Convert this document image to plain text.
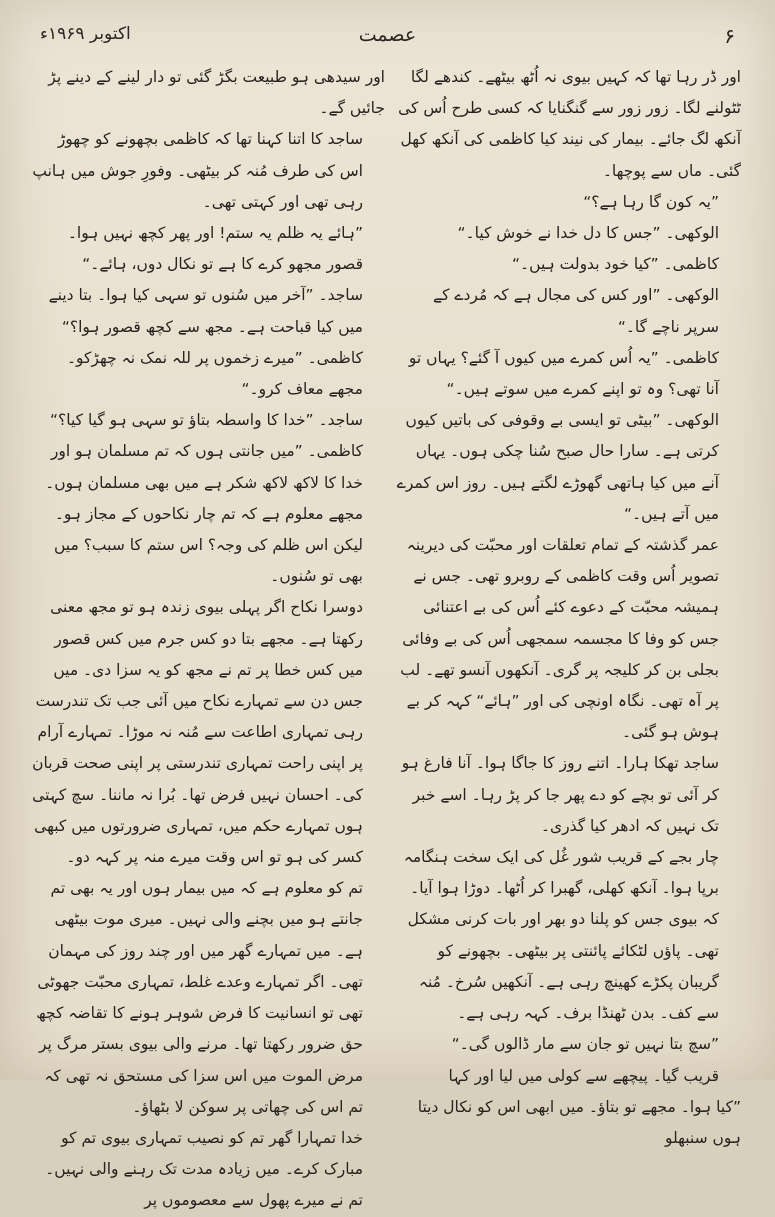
۶
عصمت
اکتوبر ۱۹۶۹ء

اور ڈر رہا تھا کہ کہیں بیوی نہ اُٹھ بیٹھے۔ کندھے لگا ٹٹولنے لگا۔ زور زور سے گنگنایا کہ کسی طرح اُس کی آنکھ لگ جائے۔ بیمار کی نیند کیا کاظمی کی آنکھ کھل گئی۔ ماں سے پوچھا۔

”یہ کون گا رہا ہے؟“

الوکھی۔ ”جس کا دل خدا نے خوش کیا۔“

کاظمی۔ ”کیا خود بدولت ہیں۔“

الوکھی۔ ”اور کس کی مجال ہے کہ مُردے کے سرپر ناچے گا۔“

کاظمی۔ ”یہ اُس کمرے میں کیوں آ گئے؟ یہاں تو آنا تھی؟ وہ تو اپنے کمرے میں سوتے ہیں۔“

الوکھی۔ ”بیٹی تو ایسی بے وقوفی کی باتیں کیوں کرتی ہے۔ سارا حال صبح سُنا چکی ہوں۔ یہاں آنے میں کیا ہاتھی گھوڑے لگتے ہیں۔ روز اس کمرے میں آتے ہیں۔“

عمر گذشتہ کے تمام تعلقات اور محبّت کی دیرینہ تصویر اُس وقت کاظمی کے روبرو تھی۔ جس نے ہمیشہ محبّت کے دعوے کئے اُس کی بے اعتنائی جس کو وفا کا مجسمہ سمجھی اُس کی بے وفائی بجلی بن کر کلیجہ پر گری۔ آنکھوں آنسو تھے۔ لب پر آہ تھی۔ نگاہ اونچی کی اور ”ہائے“ کہہ کر بے ہوش ہو گئی۔

ساجد تھکا ہارا۔ اتنے روز کا جاگا ہوا۔ آنا فارغ ہو کر آئی تو بچے کو دے پھر جا کر پڑ رہا۔ اسے خبر تک نہیں کہ ادھر کیا گذری۔

چار بجے کے قریب شور غُل کی ایک سخت ہنگامہ برپا ہوا۔ آنکھ کھلی، گھبرا کر اُٹھا۔ دوڑا ہوا آیا۔ کہ بیوی جس کو پلنا دو بھر اور بات کرنی مشکل تھی۔ پاؤں لٹکائے پائنتی پر بیٹھی۔ بچھونے کو گریبان پکڑے کھینچ رہی ہے۔ آنکھیں سُرخ۔ مُنہ سے کف۔ بدن ٹھنڈا برف۔ کہہ رہی ہے۔

”سچ بتا نہیں تو جان سے مار ڈالوں گی۔“

قریب گیا۔ پیچھے سے کولی میں لیا اور کہا

”کیا ہوا۔ مجھے تو بتاؤ۔ میں ابھی اس کو نکال دیتا ہوں سنبھلو

اور سیدھی ہو طبیعت بگڑ گئی تو دار لینے کے دینے پڑ جائیں گے۔

ساجد کا اتنا کہنا تھا کہ کاظمی بچھونے کو چھوڑ اس کی طرف مُنہ کر بیٹھی۔ وفورِ جوش میں ہانپ رہی تھی اور کہتی تھی۔

”ہائے یہ ظلم یہ ستم! اور پھر کچھ نہیں ہوا۔ قصور مجھو کرے کا ہے تو نکال دوں، ہائے۔“

ساجد۔ ”آخر میں سُنوں تو سہی کیا ہوا۔ بتا دینے میں کیا قباحت ہے۔ مجھ سے کچھ قصور ہوا؟“

کاظمی۔ ”میرے زخموں پر للہ نمک نہ چھڑکو۔ مجھے معاف کرو۔“

ساجد۔ ”خدا کا واسطہ بتاؤ تو سہی ہو گیا کیا؟“

کاظمی۔ ”میں جانتی ہوں کہ تم مسلمان ہو اور خدا کا لاکھ لاکھ شکر ہے میں بھی مسلمان ہوں۔ مجھے معلوم ہے کہ تم چار نکاحوں کے مجاز ہو۔ لیکن اس ظلم کی وجہ؟ اس ستم کا سبب؟ میں بھی تو سُنوں۔

دوسرا نکاح اگر پہلی بیوی زندہ ہو تو مجھ معنی رکھتا ہے۔ مجھے بتا دو کس جرم میں کس قصور میں کس خطا پر تم نے مجھ کو یہ سزا دی۔ میں جس دن سے تمہارے نکاح میں آئی جب تک تندرست رہی تمہاری اطاعت سے مُنہ نہ موڑا۔ تمہارے آرام پر اپنی راحت تمہاری تندرستی پر اپنی صحت قربان کی۔ احسان نہیں فرض تھا۔ بُرا نہ ماننا۔ سچ کہتی ہوں تمہارے حکم میں، تمہاری ضرورتوں میں کبھی کسر کی ہو تو اس وقت میرے منہ پر کہہ دو۔

تم کو معلوم ہے کہ میں بیمار ہوں اور یہ بھی تم جانتے ہو میں بچنے والی نہیں۔ میری موت بیٹھی ہے۔ میں تمہارے گھر میں اور چند روز کی مہمان تھی۔ اگر تمہارے وعدے غلط، تمہاری محبّت جھوٹی تھی تو انسانیت کا فرض شوہر ہونے کا تقاضہ کچھ حق ضرور رکھتا تھا۔ مرنے والی بیوی بستر مرگ پر مرض الموت میں اس سزا کی مستحق نہ تھی کہ تم اس کی چھاتی پر سوکن لا بٹھاؤ۔

خدا تمہارا گھر تم کو نصیب تمہاری بیوی تم کو مبارک کرے۔ میں زیادہ مدت تک رہنے والی نہیں۔ تم نے میرے پھول سے معصوموں پر
